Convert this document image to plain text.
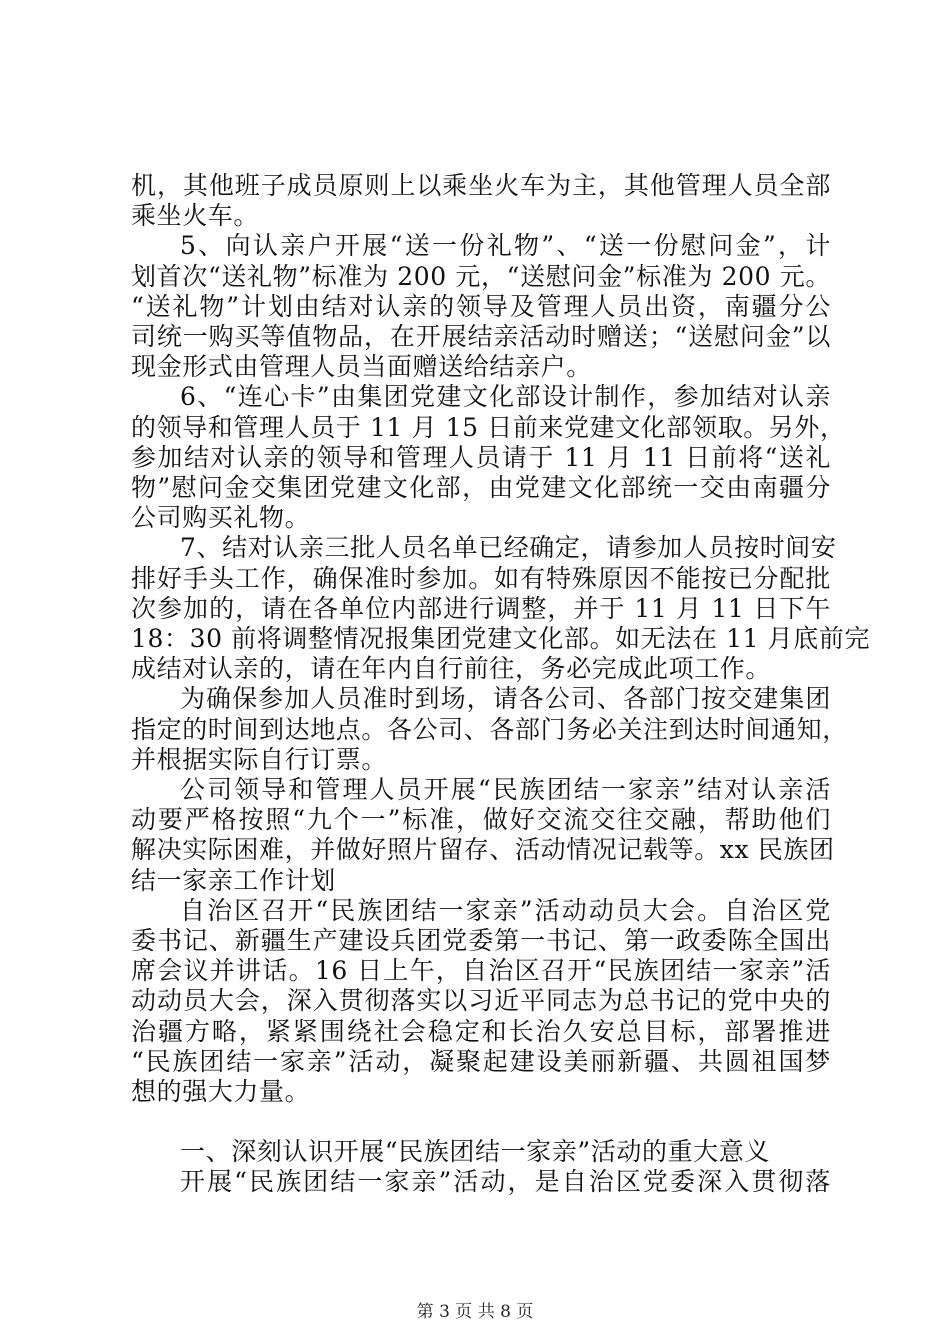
机，其他班子成员原则上以乘坐火车为主，其他管理人员全部
乘坐火车。
5、向认亲户开展“送一份礼物”、“送一份慰问金”，计
划首次“送礼物”标准为 200 元，“送慰问金”标准为 200 元。
“送礼物”计划由结对认亲的领导及管理人员出资，南疆分公
司统一购买等值物品，在开展结亲活动时赠送；“送慰问金”以
现金形式由管理人员当面赠送给结亲户。
6、“连心卡”由集团党建文化部设计制作，参加结对认亲
的领导和管理人员于 11 月 15 日前来党建文化部领取。另外，
参加结对认亲的领导和管理人员请于 11 月 11 日前将“送礼
物”慰问金交集团党建文化部，由党建文化部统一交由南疆分
公司购买礼物。
7、结对认亲三批人员名单已经确定，请参加人员按时间安
排好手头工作，确保准时参加。如有特殊原因不能按已分配批
次参加的，请在各单位内部进行调整，并于 11 月 11 日下午
18：30 前将调整情况报集团党建文化部。如无法在 11 月底前完
成结对认亲的，请在年内自行前往，务必完成此项工作。
为确保参加人员准时到场，请各公司、各部门按交建集团
指定的时间到达地点。各公司、各部门务必关注到达时间通知，
并根据实际自行订票。
公司领导和管理人员开展“民族团结一家亲”结对认亲活
动要严格按照“九个一”标准，做好交流交往交融，帮助他们
解决实际困难，并做好照片留存、活动情况记载等。xx 民族团
结一家亲工作计划
自治区召开“民族团结一家亲”活动动员大会。自治区党
委书记、新疆生产建设兵团党委第一书记、第一政委陈全国出
席会议并讲话。16 日上午，自治区召开“民族团结一家亲”活
动动员大会，深入贯彻落实以习近平同志为总书记的党中央的
治疆方略，紧紧围绕社会稳定和长治久安总目标，部署推进
“民族团结一家亲”活动，凝聚起建设美丽新疆、共圆祖国梦
想的强大力量。
第 3 页 共 8 页
一、深刻认识开展“民族团结一家亲”活动的重大意义
开展“民族团结一家亲”活动，是自治区党委深入贯彻落
